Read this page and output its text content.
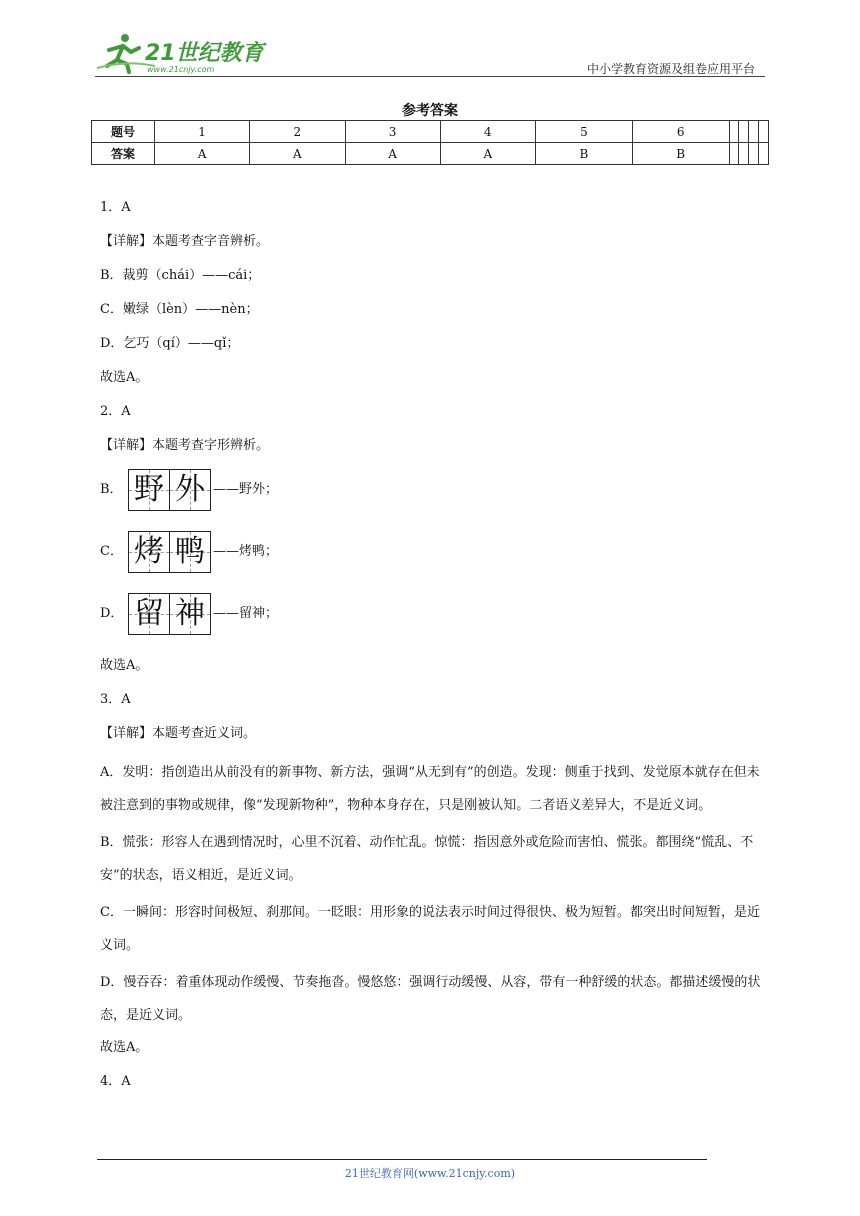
21世纪教育
www.21cnjy.com	中小学教育资源及组卷应用平台
参考答案
题号	1	2	3	4	5	6				
答案	A	A	A	A	B	B				

1．A

【详解】本题考查字音辨析。

B．裁剪（chái）——cái；

C．嫩绿（lèn）——nèn；

D．乞巧（qí）——qǐ；

故选A。

2．A

【详解】本题考查字形辨析。

B． 野 外 ——野外；
C． 烤 鸭 ——烤鸭；
D． 留 神 ——留神；

故选A。

3．A

【详解】本题考查近义词。

A．发明：指创造出从前没有的新事物、新方法，强调“从无到有”的创造。发现：侧重于找到、发觉原本就存在但未被注意到的事物或规律，像“发现新物种”，物种本身存在，只是刚被认知。二者语义差异大，不是近义词。

B．慌张：形容人在遇到情况时，心里不沉着、动作忙乱。惊慌：指因意外或危险而害怕、慌张。都围绕“慌乱、不安”的状态，语义相近，是近义词。

C．一瞬间：形容时间极短、刹那间。一眨眼：用形象的说法表示时间过得很快、极为短暂。都突出时间短暂，是近义词。

D．慢吞吞：着重体现动作缓慢、节奏拖沓。慢悠悠：强调行动缓慢、从容，带有一种舒缓的状态。都描述缓慢的状态，是近义词。

故选A。

4．A

21世纪教育网(www.21cnjy.com)
